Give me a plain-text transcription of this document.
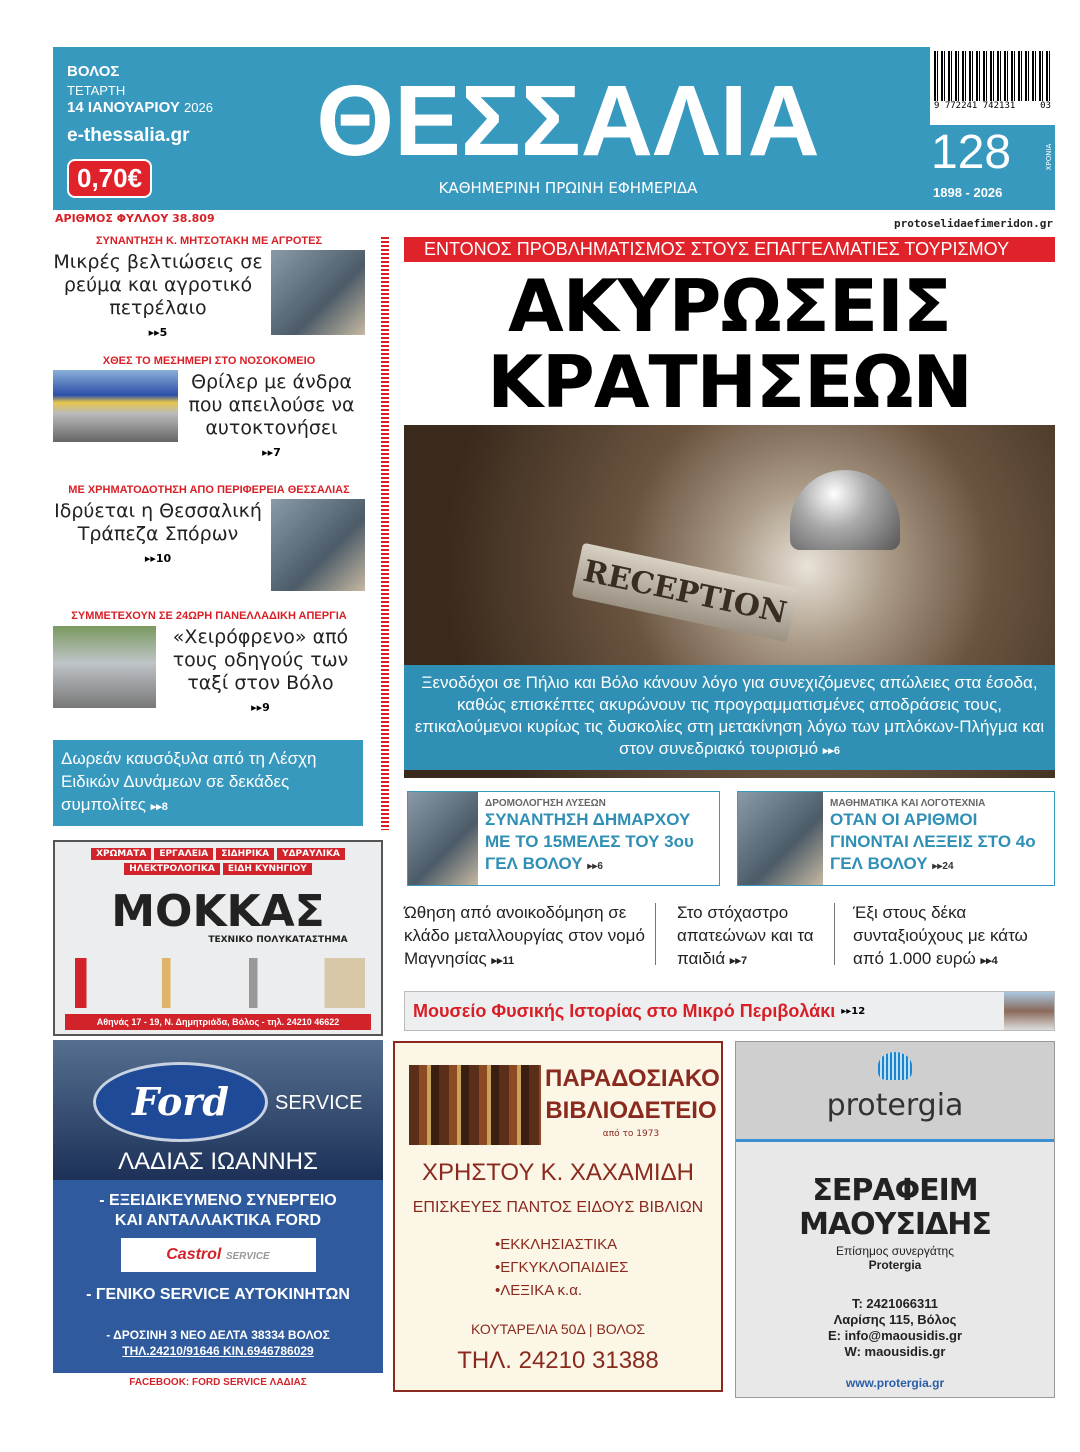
ΒΟΛΟΣ
ΤΕΤΑΡΤΗ
14 ΙΑΝΟΥΑΡΙΟΥ 2026
e-thessalia.gr
0,70€
ΘΕΣΣΑΛΙΑ
ΚΑΘΗΜΕΡΙΝΗ ΠΡΩΙΝΗ ΕΦΗΜΕΡΙΔΑ
9 772241 742131	03
128	ΧΡΟΝΙΑ
1898 - 2026
ΑΡΙΘΜΟΣ ΦΥΛΛΟΥ 38.809	protoselidaefimeridon.gr
ΣΥΝΑΝΤΗΣΗ Κ. ΜΗΤΣΟΤΑΚΗ ΜΕ ΑΓΡΟΤΕΣ
Μικρές βελτιώσεις σε ρεύμα και αγροτικό πετρέλαιο
▸▸5
ΧΘΕΣ ΤΟ ΜΕΣΗΜΕΡΙ ΣΤΟ ΝΟΣΟΚΟΜΕΙΟ
Θρίλερ με άνδρα που απειλούσε να αυτοκτονήσει
▸▸7
ΜΕ ΧΡΗΜΑΤΟΔΟΤΗΣΗ ΑΠΟ ΠΕΡΙΦΕΡΕΙΑ ΘΕΣΣΑΛΙΑΣ
Ιδρύεται η Θεσσαλική Τράπεζα Σπόρων
▸▸10
ΣΥΜΜΕΤΕΧΟΥΝ ΣΕ 24ΩΡΗ ΠΑΝΕΛΛΑΔΙΚΗ ΑΠΕΡΓΙΑ
«Χειρόφρενο» από τους οδηγούς των ταξί στον Βόλο
▸▸9
Δωρεάν καυσόξυλα από τη Λέσχη Ειδικών Δυνάμεων σε δεκάδες συμπολίτες ▸▸8
ΕΝΤΟΝΟΣ ΠΡΟΒΛΗΜΑΤΙΣΜΟΣ ΣΤΟΥΣ ΕΠΑΓΓΕΛΜΑΤΙΕΣ ΤΟΥΡΙΣΜΟΥ
ΑΚΥΡΩΣΕΙΣ
ΚΡΑΤΗΣΕΩΝ
RECEPTION
Ξενοδόχοι σε Πήλιο και Βόλο κάνουν λόγο για συνεχιζόμενες απώλειες στα έσοδα, καθώς επισκέπτες ακυρώνουν τις προγραμματισμένες αποδράσεις τους, επικαλούμενοι κυρίως τις δυσκολίες στη μετακίνηση λόγω των μπλόκων-Πλήγμα και στον συνεδριακό τουρισμό ▸▸6
ΔΡΟΜΟΛΟΓΗΣΗ ΛΥΣΕΩΝ
ΣΥΝΑΝΤΗΣΗ ΔΗΜΑΡΧΟΥ ΜΕ ΤΟ 15ΜΕΛΕΣ ΤΟΥ 3ου ΓΕΛ ΒΟΛΟΥ ▸▸6
ΜΑΘΗΜΑΤΙΚΑ ΚΑΙ ΛΟΓΟΤΕΧΝΙΑ
ΟΤΑΝ ΟΙ ΑΡΙΘΜΟΙ ΓΙΝΟΝΤΑΙ ΛΕΞΕΙΣ ΣΤΟ 4ο ΓΕΛ ΒΟΛΟΥ ▸▸24
Ώθηση από ανοικοδόμηση σε κλάδο μεταλλουργίας στον νομό Μαγνησίας ▸▸11
Στο στόχαστρο απατεώνων και τα παιδιά ▸▸7
Έξι στους δέκα συνταξιούχους με κάτω από 1.000 ευρώ ▸▸4
Μουσείο Φυσικής Ιστορίας στο Μικρό Περιβολάκι ▸▸12
ΧΡΩΜΑΤΑ	ΕΡΓΑΛΕΙΑ	ΣΙΔΗΡΙΚΑ	ΥΔΡΑΥΛΙΚΑ
ΗΛΕΚΤΡΟΛΟΓΙΚΑ	ΕΙΔΗ ΚΥΝΗΓΙΟΥ
ΜΟΚΚΑΣ
ΤΕΧΝΙΚΟ ΠΟΛΥΚΑΤΑΣΤΗΜΑ
Αθηνάς 17 - 19, Ν. Δημητριάδα, Βόλος - τηλ. 24210 46622
Ford	SERVICE
ΛΑΔΙΑΣ ΙΩΑΝΝΗΣ
- ΕΞΕΙΔΙΚΕΥΜΕΝΟ ΣΥΝΕΡΓΕΙΟ
ΚΑΙ ΑΝΤΑΛΛΑΚΤΙΚΑ FORD
Castrol SERVICE
- ΓΕΝΙΚΟ SERVICE ΑΥΤΟΚΙΝΗΤΩΝ
- ΔΡΟΣΙΝΗ 3 ΝΕΟ ΔΕΛΤΑ 38334 ΒΟΛΟΣ
ΤΗΛ.24210/91646 ΚΙΝ.6946786029
FACEBOOK: FORD SERVICE ΛΑΔΙΑΣ
ΠΑΡΑΔΟΣΙΑΚΟ
ΒΙΒΛΙΟΔΕΤΕΙΟ
από το 1973
ΧΡΗΣΤΟΥ Κ. ΧΑΧΑΜΙΔΗ
ΕΠΙΣΚΕΥΕΣ ΠΑΝΤΟΣ ΕΙΔΟΥΣ ΒΙΒΛΙΩΝ
•ΕΚΚΛΗΣΙΑΣΤΙΚΑ
•ΕΓΚΥΚΛΟΠΑΙΔΙΕΣ
•ΛΕΞΙΚΑ κ.α.
ΚΟΥΤΑΡΕΛΙΑ 50Δ | ΒΟΛΟΣ
ΤΗΛ. 24210 31388
protergia
ΣΕΡΑΦΕΙΜ
ΜΑΟΥΣΙΔΗΣ
Επίσημος συνεργάτης
Protergia
T: 2421066311
Λαρίσης 115, Βόλος
E: info@maousidis.gr
W: maousidis.gr
www.protergia.gr
